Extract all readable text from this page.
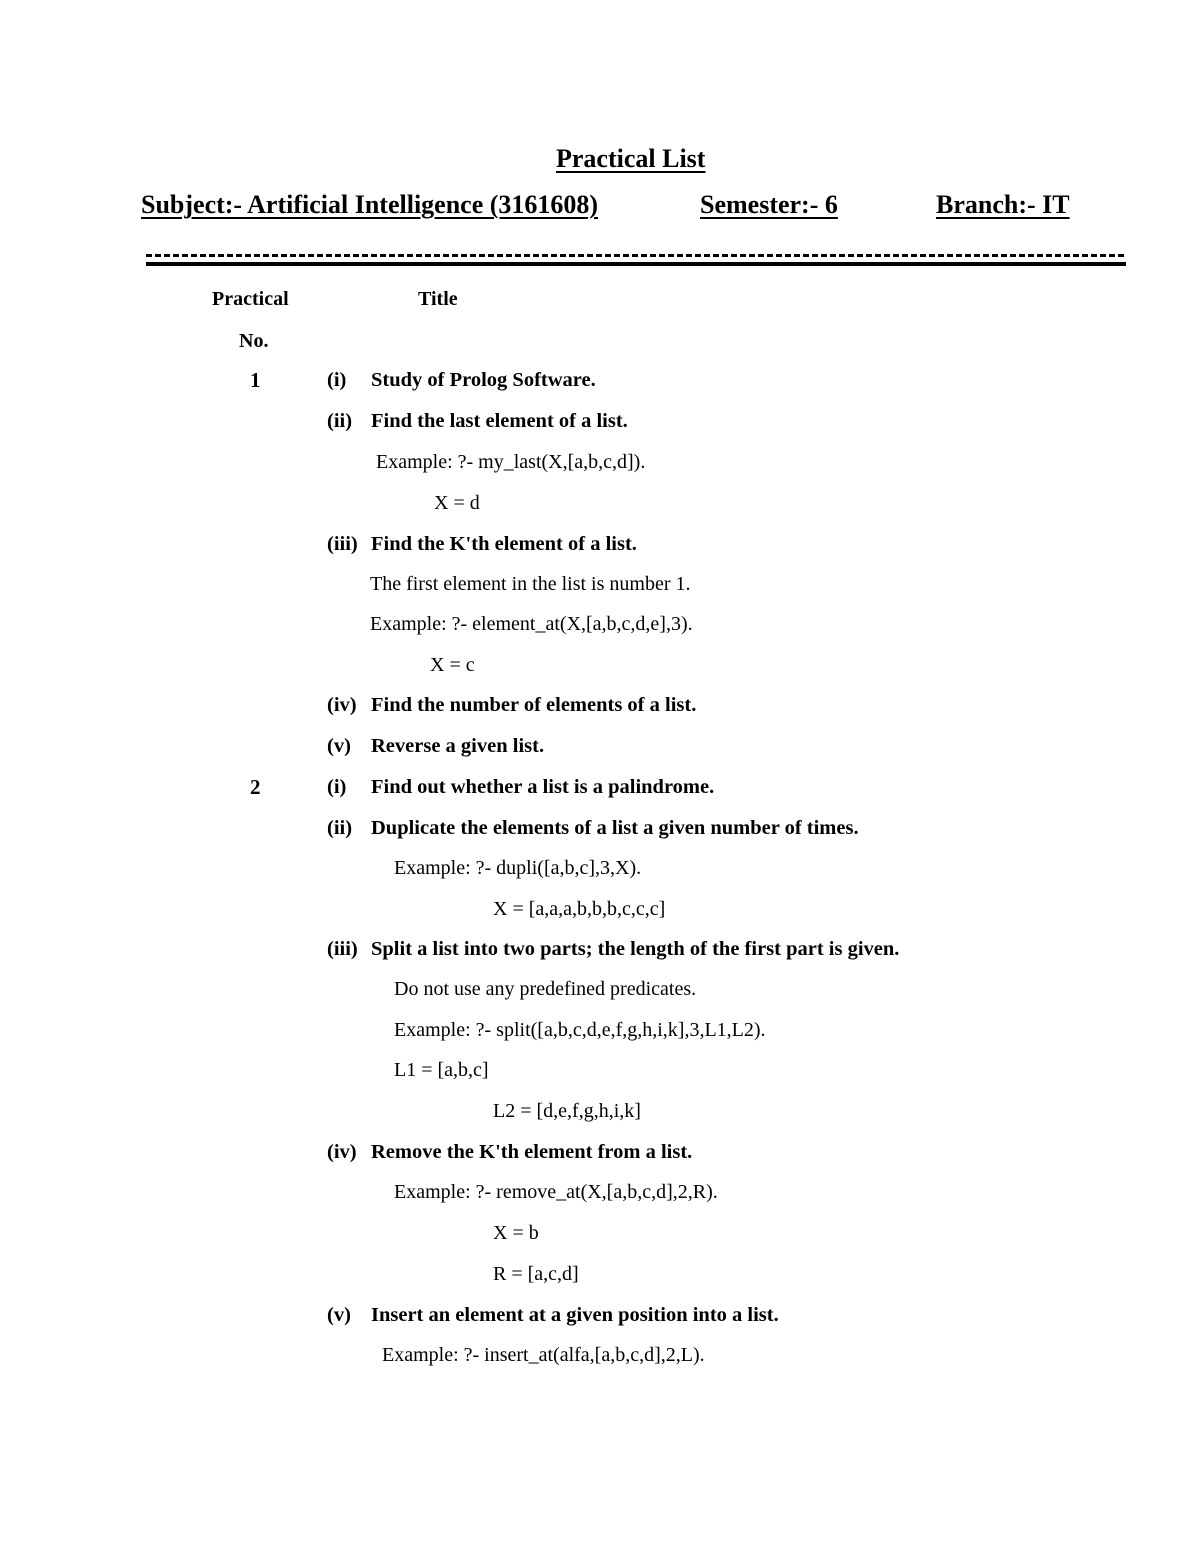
Practical List
Subject:- Artificial Intelligence (3161608)	Semester:- 6	Branch:- IT
Practical
No.
Title
1	(i) Study of Prolog Software.
(ii) Find the last element of a list.
Example: ?- my_last(X,[a,b,c,d]).
X = d
(iii) Find the K'th element of a list.
The first element in the list is number 1.
Example: ?- element_at(X,[a,b,c,d,e],3).
X = c
(iv) Find the number of elements of a list.
(v) Reverse a given list.
2	(i) Find out whether a list is a palindrome.
(ii) Duplicate the elements of a list a given number of times.
Example: ?- dupli([a,b,c],3,X).
X = [a,a,a,b,b,b,c,c,c]
(iii) Split a list into two parts; the length of the first part is given.
Do not use any predefined predicates.
Example: ?- split([a,b,c,d,e,f,g,h,i,k],3,L1,L2).
L1 = [a,b,c]
L2 = [d,e,f,g,h,i,k]
(iv) Remove the K'th element from a list.
Example: ?- remove_at(X,[a,b,c,d],2,R).
X = b
R = [a,c,d]
(v) Insert an element at a given position into a list.
Example: ?- insert_at(alfa,[a,b,c,d],2,L).
